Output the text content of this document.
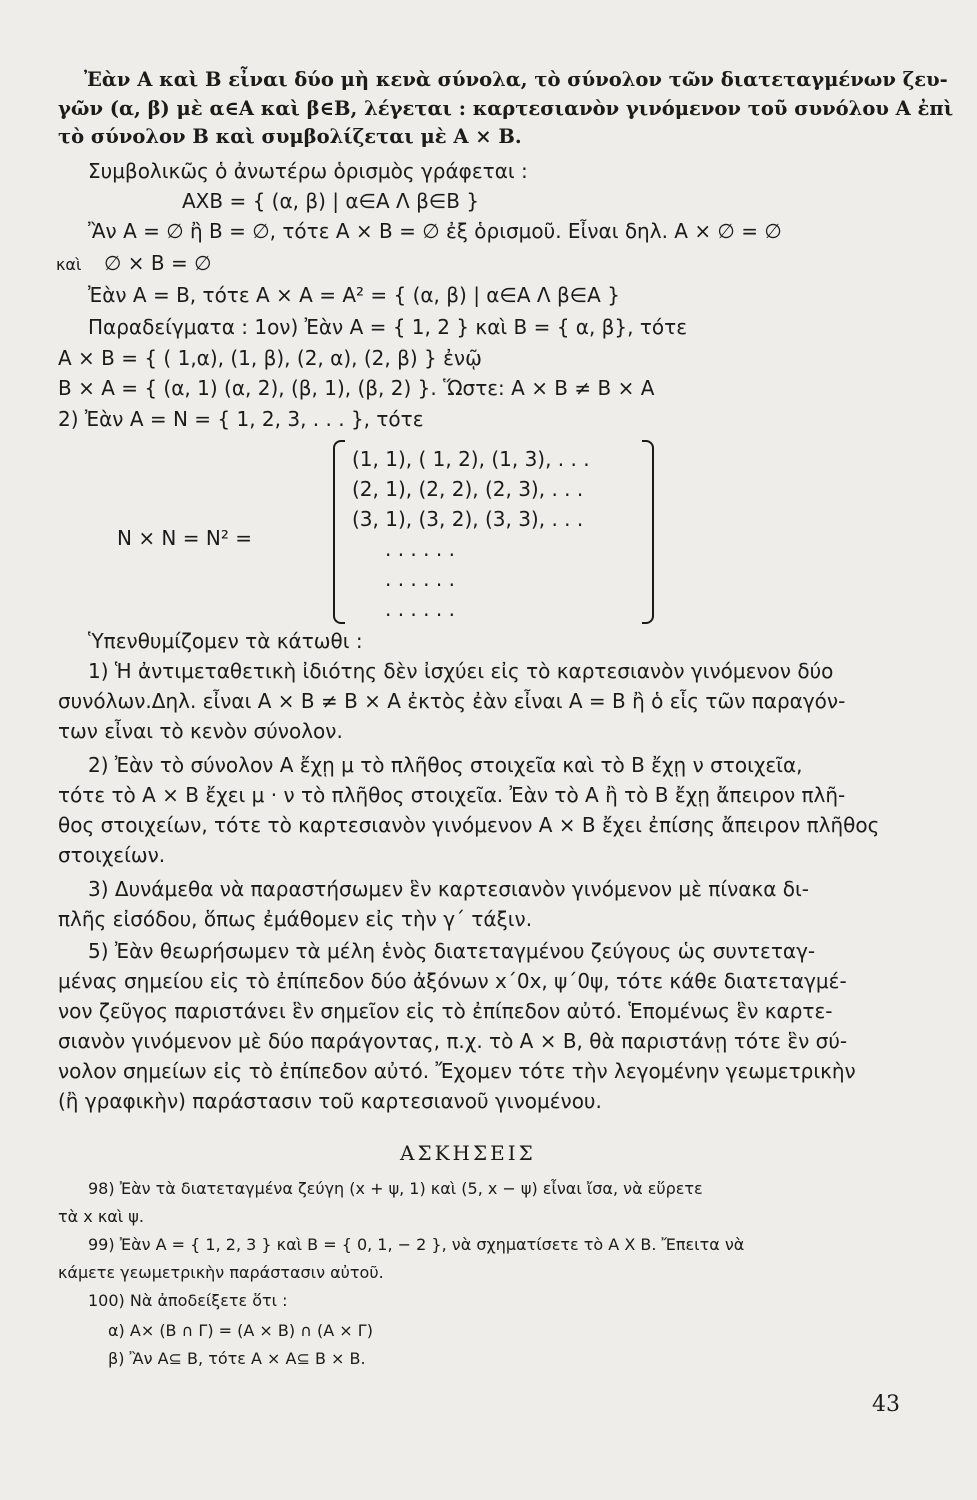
Ἐὰν A καὶ B εἶναι δύο μὴ κενὰ σύνολα, τὸ σύνολον τῶν διατεταγμένων ζευ-
γῶν (α, β) μὲ α∈A καὶ β∈B, λέγεται : καρτεσιανὸν γινόμενον τοῦ συνόλου A ἐπὶ
τὸ σύνολον B καὶ συμβολίζεται μὲ A × B.
Συμβολικῶς ὁ ἀνωτέρω ὁρισμὸς γράφεται :
AXB = { (α, β) | α∈A Λ β∈B }
Ἂν A = ∅ ἢ B = ∅, τότε A × B = ∅ ἐξ ὁρισμοῦ. Εἶναι δηλ. A × ∅ = ∅
καὶ ∅ × B = ∅
Ἐὰν A = B, τότε A × A = A² = { (α, β) | α∈A Λ β∈A }
Παραδείγματα : 1ον) Ἐὰν A = { 1, 2 } καὶ B = { α, β}, τότε
A × B = { ( 1,α), (1, β), (2, α), (2, β) } ἐνῷ
B × A = { (α, 1) (α, 2), (β, 1), (β, 2) }. Ὥστε: A × B ≠ B × A
2) Ἐὰν A = N = { 1, 2, 3, . . . }, τότε
N × N = N² =
(1, 1), ( 1, 2), (1, 3), . . .
(2, 1), (2, 2), (2, 3), . . .
(3, 1), (3, 2), (3, 3), . . .
. . . . . .
. . . . . .
. . . . . .
Ὑπενθυμίζομεν τὰ κάτωθι :
1) Ἡ ἀντιμεταθετικὴ ἰδιότης δὲν ἰσχύει εἰς τὸ καρτεσιανὸν γινόμενον δύο
συνόλων.Δηλ. εἶναι A × B ≠ B × A ἐκτὸς ἐὰν εἶναι A = B ἢ ὁ εἷς τῶν παραγόν-
των εἶναι τὸ κενὸν σύνολον.
2) Ἐὰν τὸ σύνολον A ἔχῃ μ τὸ πλῆθος στοιχεῖα καὶ τὸ B ἔχῃ ν στοιχεῖα,
τότε τὸ A × B ἔχει μ · ν τὸ πλῆθος στοιχεῖα. Ἐὰν τὸ A ἢ τὸ B ἔχῃ ἄπειρον πλῆ-
θος στοιχείων, τότε τὸ καρτεσιανὸν γινόμενον A × B ἔχει ἐπίσης ἄπειρον πλῆθος
στοιχείων.
3) Δυνάμεθα νὰ παραστήσωμεν ἓν καρτεσιανὸν γινόμενον μὲ πίνακα δι-
πλῆς εἰσόδου, ὅπως ἐμάθομεν εἰς τὴν γ΄ τάξιν.
5) Ἐὰν θεωρήσωμεν τὰ μέλη ἑνὸς διατεταγμένου ζεύγους ὡς συντεταγ-
μένας σημείου εἰς τὸ ἐπίπεδον δύο ἀξόνων x΄0x, ψ΄0ψ, τότε κάθε διατεταγμέ-
νον ζεῦγος παριστάνει ἓν σημεῖον εἰς τὸ ἐπίπεδον αὐτό. Ἑπομένως ἓν καρτε-
σιανὸν γινόμενον μὲ δύο παράγοντας, π.χ. τὸ A × B, θὰ παριστάνῃ τότε ἓν σύ-
νολον σημείων εἰς τὸ ἐπίπεδον αὐτό. Ἔχομεν τότε τὴν λεγομένην γεωμετρικὴν
(ἢ γραφικὴν) παράστασιν τοῦ καρτεσιανοῦ γινομένου.
ΑΣΚΗΣΕΙΣ
98) Ἐὰν τὰ διατεταγμένα ζεύγη (x + ψ, 1) καὶ (5, x − ψ) εἶναι ἴσα, νὰ εὕρετε
τὰ x καὶ ψ.
99) Ἐὰν A = { 1, 2, 3 } καὶ B = { 0, 1, − 2 }, νὰ σχηματίσετε τὸ A X B. Ἔπειτα νὰ
κάμετε γεωμετρικὴν παράστασιν αὐτοῦ.
100) Νὰ ἀποδείξετε ὅτι :
α) A× (B ∩ Γ) = (A × B) ∩ (A × Γ)
β) Ἂν A⊆ B, τότε A × A⊆ B × B.
43
